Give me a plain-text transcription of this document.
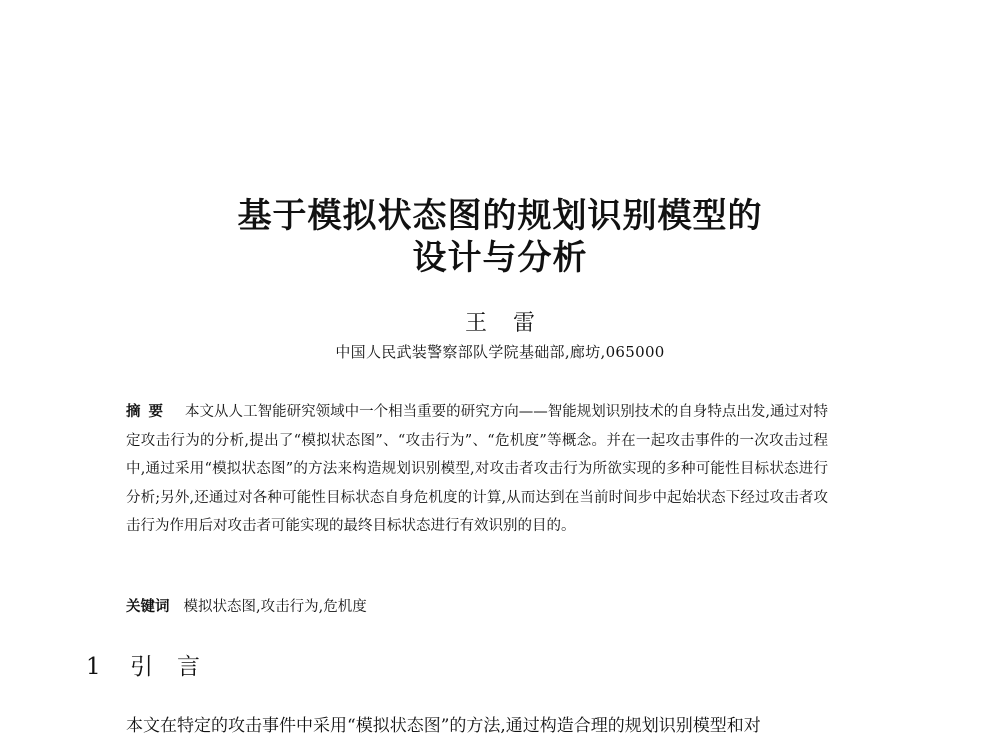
基于模拟状态图的规划识别模型的
设计与分析
王雷
中国人民武装警察部队学院基础部,廊坊,065000
摘要 本文从人工智能研究领域中一个相当重要的研究方向——智能规划识别技术的自身特点出发,通过对特定攻击行为的分析,提出了“模拟状态图”、“攻击行为”、“危机度”等概念。并在一起攻击事件的一次攻击过程中,通过采用“模拟状态图”的方法来构造规划识别模型,对攻击者攻击行为所欲实现的多种可能性目标状态进行分析;另外,还通过对各种可能性目标状态自身危机度的计算,从而达到在当前时间步中起始状态下经过攻击者攻击行为作用后对攻击者可能实现的最终目标状态进行有效识别的目的。
关键词 模拟状态图,攻击行为,危机度
1 引言
本文在特定的攻击事件中采用“模拟状态图”的方法,通过构造合理的规划识别模型和对
